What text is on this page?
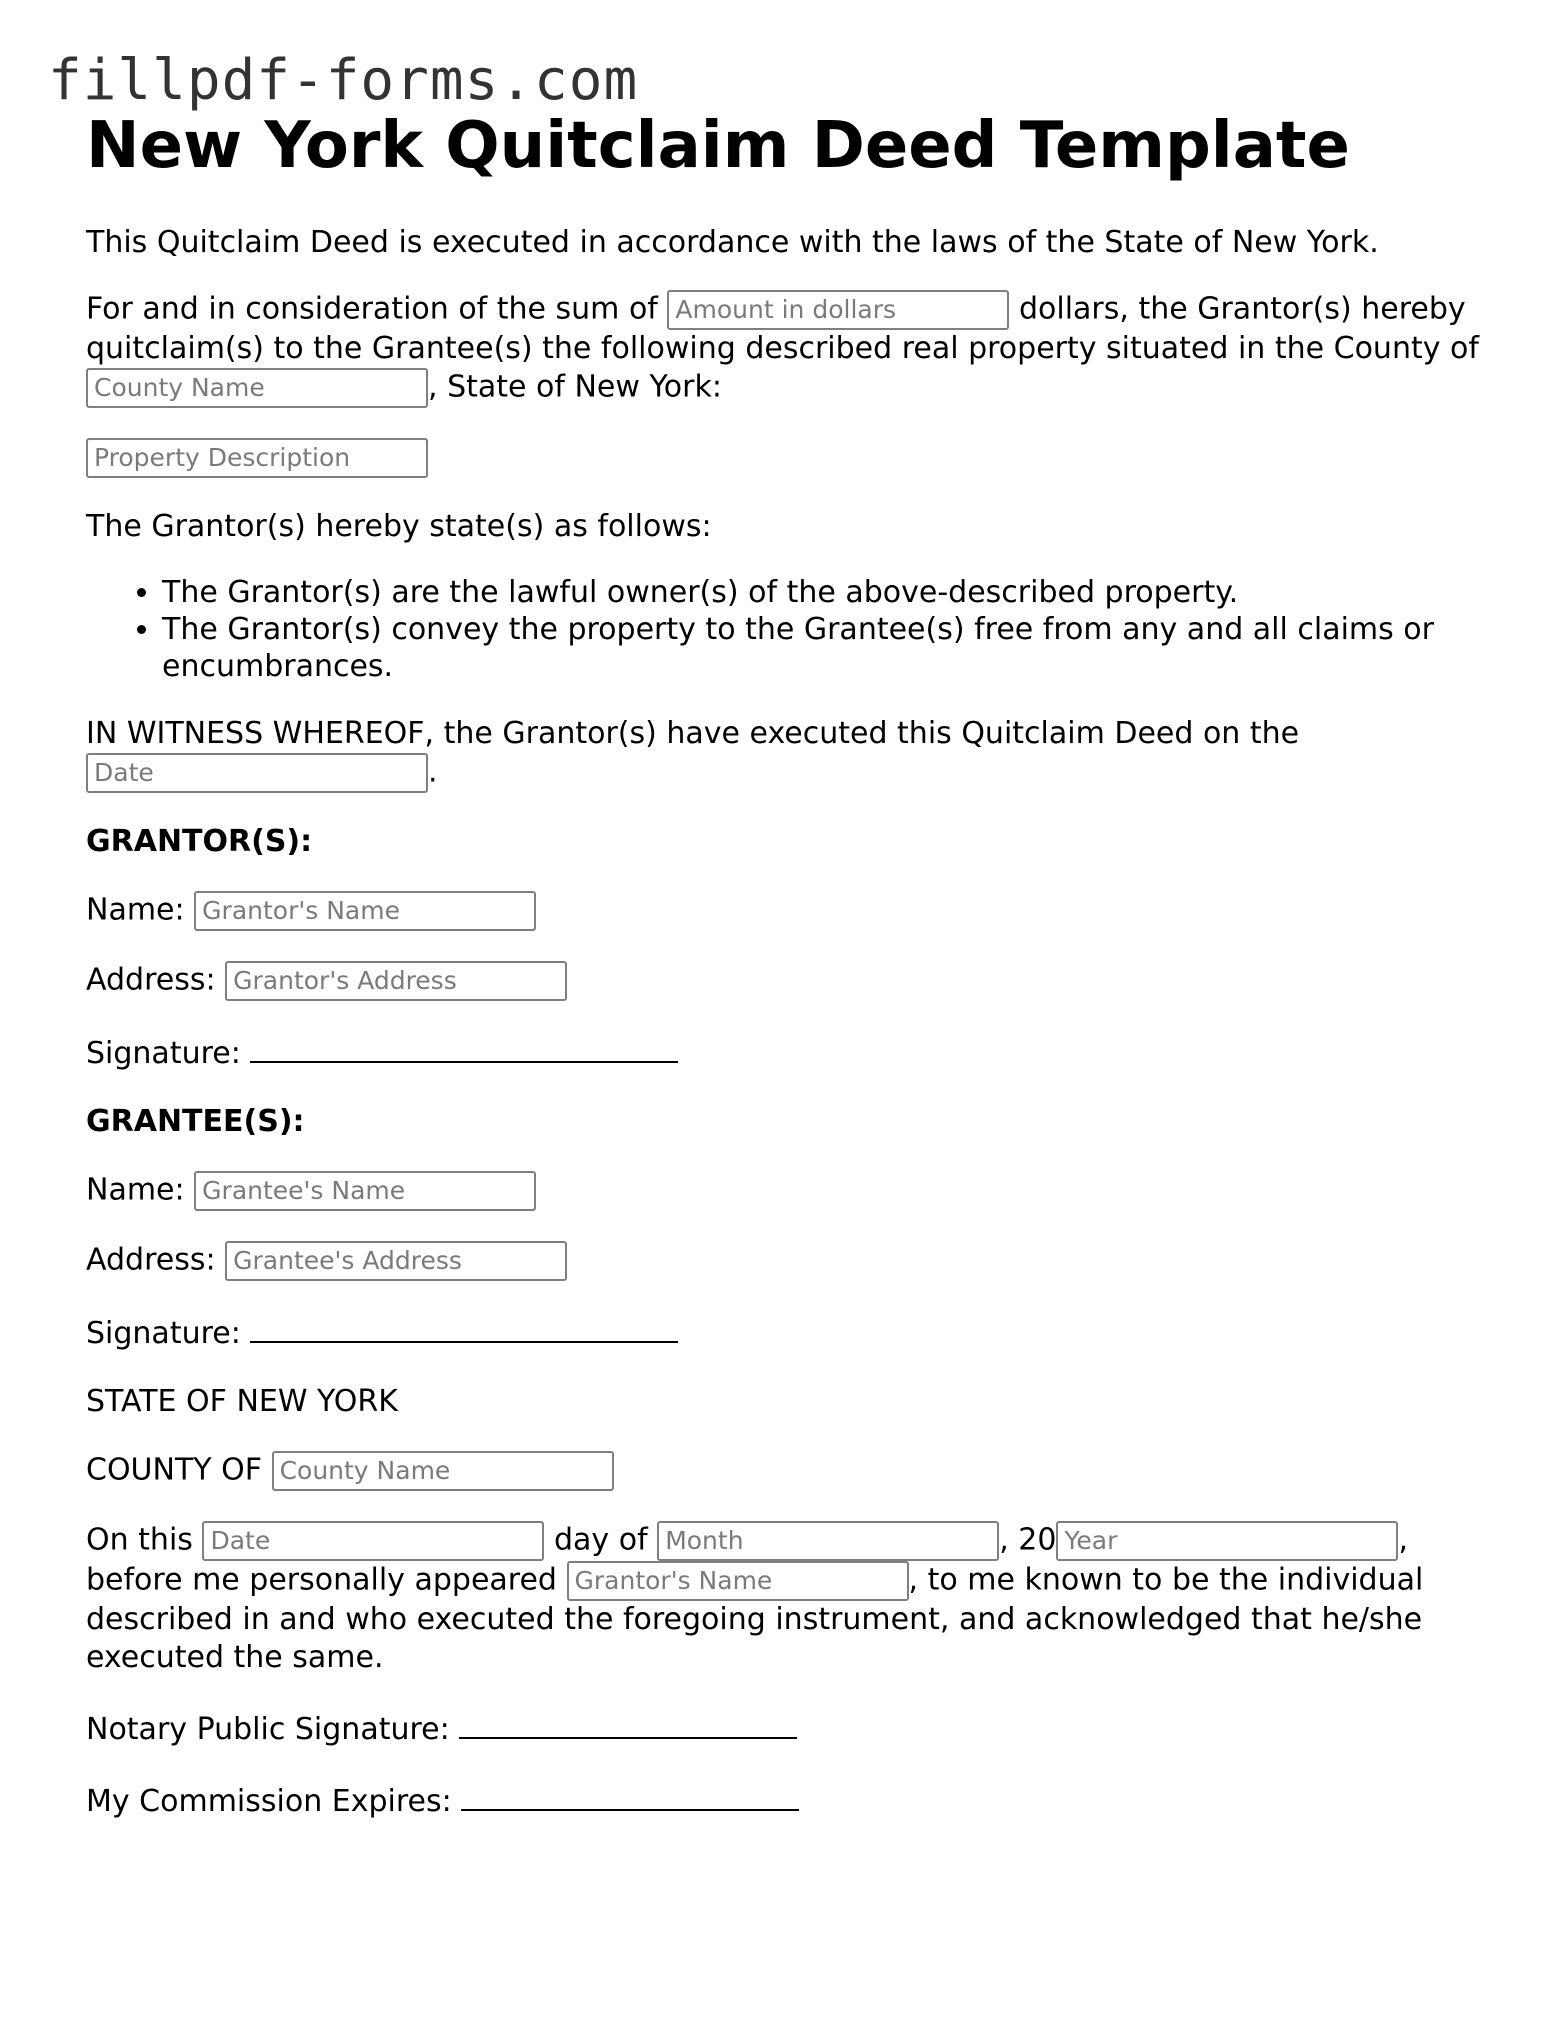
fillpdf-forms.com
New York Quitclaim Deed Template

This Quitclaim Deed is executed in accordance with the laws of the State of New York.

For and in consideration of the sum of Amount in dollars	dollars, the Grantor(s) hereby quitclaim(s) to the Grantee(s) the following described real property situated in the County of County Name	, State of New York:

Property Description

The Grantor(s) hereby state(s) as follows:

• The Grantor(s) are the lawful owner(s) of the above-described property.
• The Grantor(s) convey the property to the Grantee(s) free from any and all claims or encumbrances.

IN WITNESS WHEREOF, the Grantor(s) have executed this Quitclaim Deed on the
Date	.

GRANTOR(S):

Name: Grantor's Name

Address: Grantor's Address

Signature:

GRANTEE(S):

Name: Grantee's Name

Address: Grantee's Address

Signature:

STATE OF NEW YORK

COUNTY OF County Name

On this Date	day of Month	, 20 Year	, before me personally appeared Grantor's Name	, to me known to be the individual described in and who executed the foregoing instrument, and acknowledged that he/she executed the same.

Notary Public Signature:

My Commission Expires:
